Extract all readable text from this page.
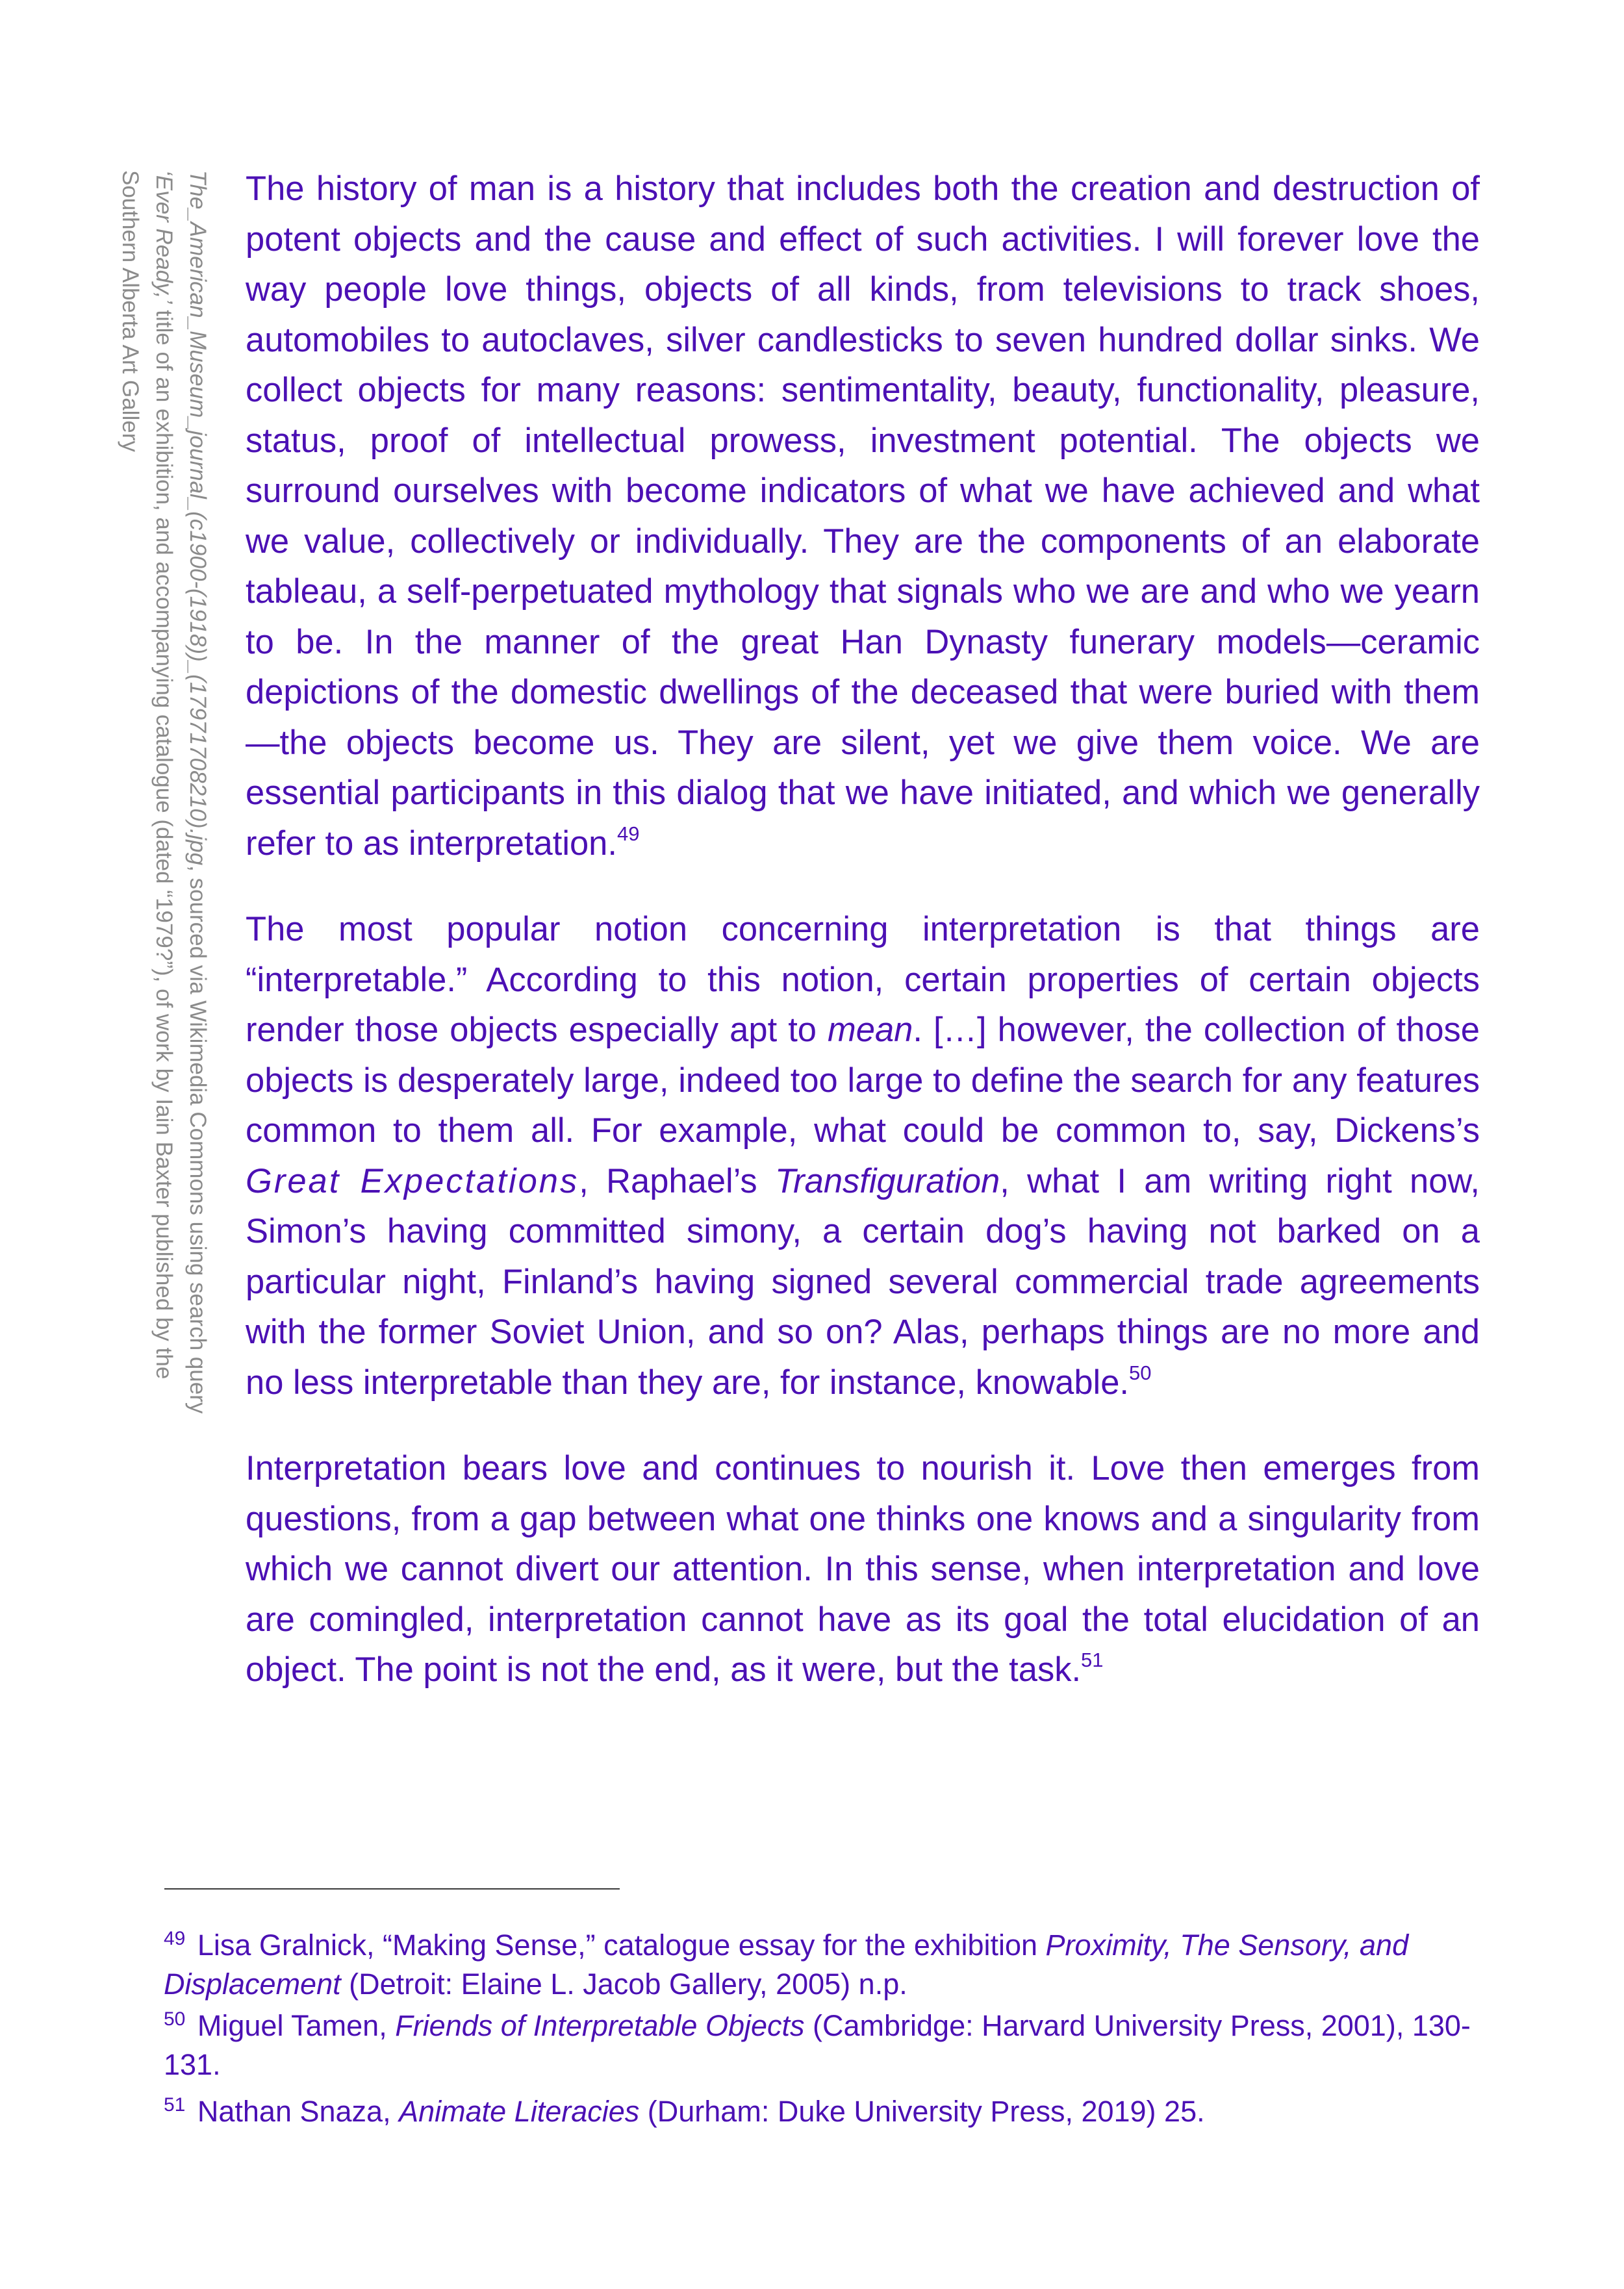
The_American_Museum_journal_(c1900-(1918))_(17971708210).jpg, sourced via Wikimedia Commons using search query
‘Ever Ready,’ title of an exhibition, and accompanying catalogue (dated “1979?”), of work by Iain Baxter published by the
Southern Alberta Art Gallery	The history of man is a history that includes both the creation and destruction of potent objects and the cause and effect of such activities. I will forever love the way people love things, objects of all kinds, from televisions to track shoes, automobiles to autoclaves, silver candlesticks to seven hundred dollar sinks. We collect objects for many reasons: sentimentality, beauty, functionality, pleasure, status, proof of intellectual prowess, investment potential. The objects we surround ourselves with become indicators of what we have achieved and what we value, collectively or individually. They are the components of an elaborate tableau, a self-perpetuated mythology that signals who we are and who we yearn to be. In the manner of the great Han Dynasty funerary models—ceramic depictions of the domestic dwellings of the deceased that were buried with them—the objects become us. They are silent, yet we give them voice. We are essential participants in this dialog that we have initiated, and which we generally refer to as interpretation.$^{49}$

The most popular notion concerning interpretation is that things are “interpretable.” According to this notion, certain properties of certain objects render those objects especially apt to mean. […] however, the collection of those objects is desperately large, indeed too large to define the search for any features common to them all. For example, what could be common to, say, Dickens’s Great Expectations, Raphael’s Transfiguration, what I am writing right now, Simon’s having committed simony, a certain dog’s having not barked on a particular night, Finland’s having signed several commercial trade agreements with the former Soviet Union, and so on? Alas, perhaps things are no more and no less interpretable than they are, for instance, knowable.$^{50}$

Interpretation bears love and continues to nourish it. Love then emerges from questions, from a gap between what one thinks one knows and a singularity from which we cannot divert our attention. In this sense, when interpretation and love are comingled, interpretation cannot have as its goal the total elucidation of an object. The point is not the end, as it were, but the task.$^{51}$

$^{49}$ Lisa Gralnick, “Making Sense,” catalogue essay for the exhibition Proximity, The Sensory, and Displacement (Detroit: Elaine L. Jacob Gallery, 2005) n.p.

$^{50}$ Miguel Tamen, Friends of Interpretable Objects (Cambridge: Harvard University Press, 2001), 130-131.

$^{51}$ Nathan Snaza, Animate Literacies (Durham: Duke University Press, 2019) 25.
